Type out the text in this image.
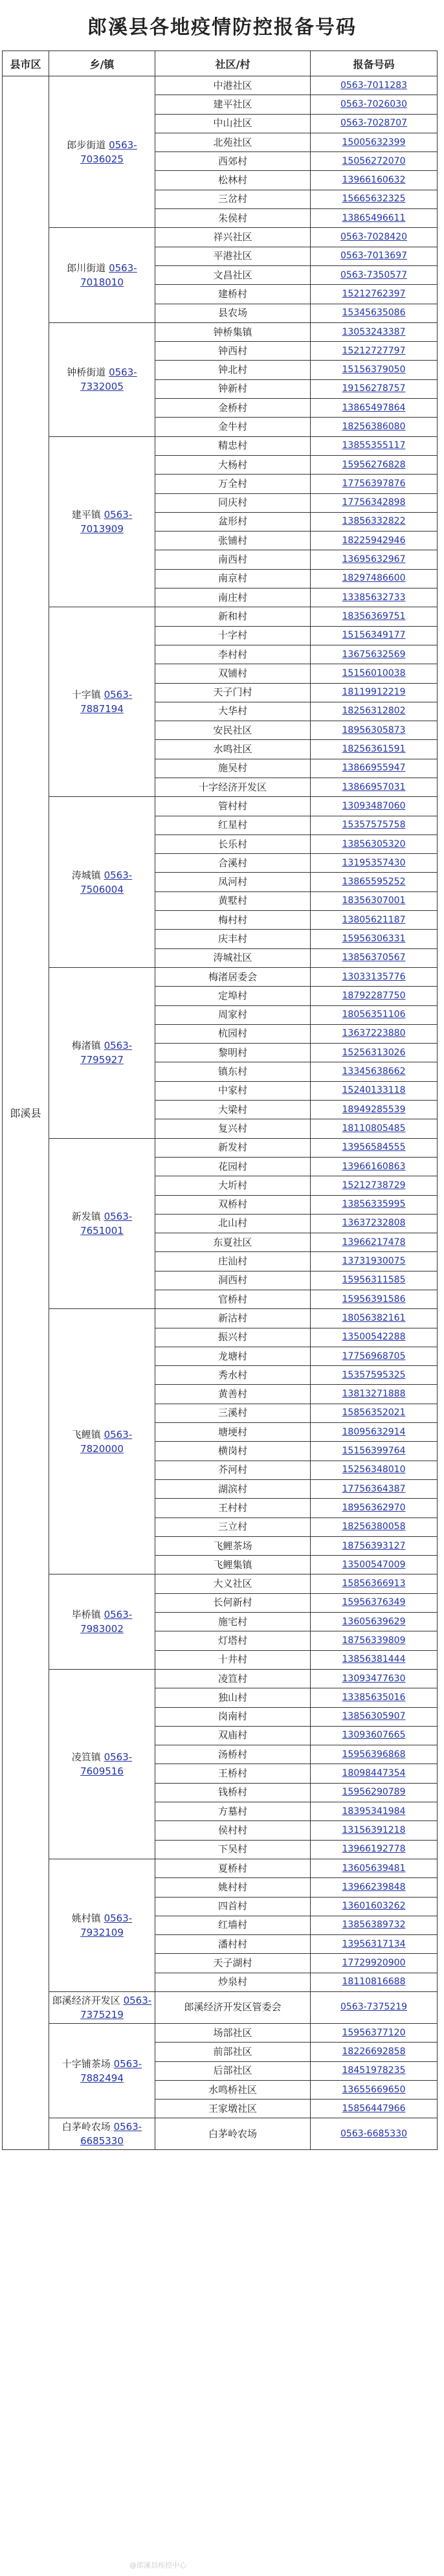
郎溪县各地疫情防控报备号码
县市区	乡/镇	社区/村	报备号码
郎溪县	郎步街道 0563-7036025	中港社区	0563-7011283
		建平社区	0563-7026030
		中山社区	0563-7028707
		北苑社区	15005632399
		西郊村	15056272070
		松林村	13966160632
		三岔村	15665632325
		朱侯村	13865496611
	郎川街道 0563-7018010	祥兴社区	0563-7028420
		平港社区	0563-7013697
		文昌社区	0563-7350577
		建桥村	15212762397
		县农场	15345635086
	钟桥街道 0563-7332005	钟桥集镇	13053243387
		钟西村	15212727797
		钟北村	15156379050
		钟新村	19156278757
		金桥村	13865497864
		金牛村	18256386080
	建平镇 0563-7013909	精忠村	13855355117
		大杨村	15956276828
		万全村	17756397876
		同庆村	17756342898
		盆形村	13856332822
		张铺村	18225942946
		南西村	13695632967
		南京村	18297486600
		南庄村	13385632733
	十字镇 0563-7887194	新和村	18356369751
		十字村	15156349177
		李村村	13675632569
		双铺村	15156010038
		天子门村	18119912219
		大华村	18256312802
		安民社区	18956305873
		水鸣社区	18256361591
		施吴村	13866955947
		十字经济开发区	13866957031
	涛城镇 0563-7506004	管村村	13093487060
		红星村	15357575758
		长乐村	13856305320
		合溪村	13195357430
		凤河村	13865595252
		黄墅村	18356307001
		梅村村	13805621187
		庆丰村	15956306331
		涛城社区	13856370567
	梅渚镇 0563-7795927	梅渚居委会	13033135776
		定埠村	18792287750
		周家村	18056351106
		杭园村	13637223880
		黎明村	15256313026
		镇东村	13345638662
		中家村	15240133118
		大梁村	18949285539
		复兴村	18110805485
	新发镇 0563-7651001	新发村	13956584555
		花园村	13966160863
		大圻村	15212738729
		双桥村	13856335995
		北山村	13637232808
		东夏社区	13966217478
		庄汕村	13731930075
		洞西村	15956311585
		官桥村	15956391586
	飞鲤镇 0563-7820000	新沽村	18056382161
		振兴村	13500542288
		龙塘村	17756968705
		秀水村	15357595325
		黄善村	13813271888
		三溪村	15856352021
		塘埂村	18095632914
		横岗村	15156399764
		芥河村	15256348010
		湖滨村	17756364387
		王村村	18956362970
		三立村	18256380058
		飞鲤茶场	18756393127
		飞鲤集镇	13500547009
	毕桥镇 0563-7983002	大义社区	15856366913
		长何新村	15956376349
		施宅村	13605639629
		灯塔村	18756339809
		十井村	13856381444
	凌笪镇 0563-7609516	凌笪村	13093477630
		独山村	13385635016
		岗南村	13856305907
		双庙村	13093607665
		汤桥村	15956396868
		王桥村	18098447354
		钱桥村	15956290789
		方墓村	18395341984
		侯村村	13156391218
		下吴村	13966192778
	姚村镇 0563-7932109	夏桥村	13605639481
		姚村村	13966239848
		四首村	13601603262
		红墙村	13856389732
		潘村村	13956317134
		天子湖村	17729920900
		炒泉村	18110816688
	郎溪经济开发区 0563-7375219	郎溪经济开发区管委会	0563-7375219
	十字铺茶场 0563-7882494	场部社区	15956377120
		前部社区	18226692858
		后部社区	18451978235
		水鸣桥社区	13655669650
		王家墩社区	15856447966
	白茅岭农场 0563-6685330	白茅岭农场	0563-6685330
@郎溪县疾控中心
